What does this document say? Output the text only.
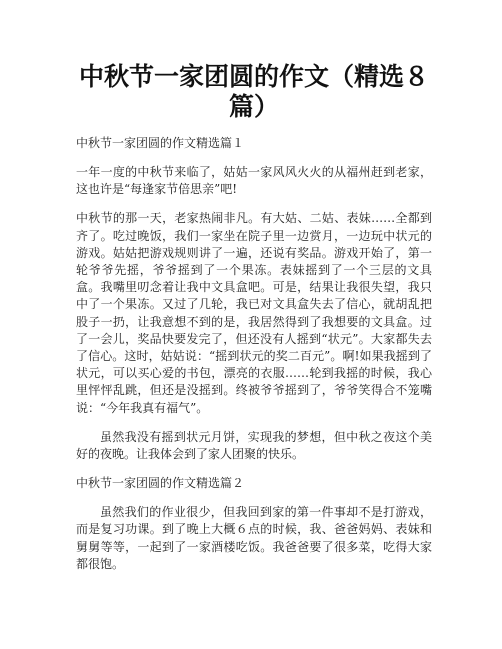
中秋节一家团圆的作文（精选８篇）
中秋节一家团圆的作文精选篇１

一年一度的中秋节来临了，姑姑一家风风火火的从福州赶到老家，这也许是“每逢家节倍思亲”吧!

中秋节的那一天，老家热闹非凡。有大姑、二姑、表妹……全都到齐了。吃过晚饭，我们一家坐在院子里一边赏月，一边玩中状元的游戏。姑姑把游戏规则讲了一遍，还说有奖品。游戏开始了，第一轮爷爷先摇，爷爷摇到了一个果冻。表妹摇到了一个三层的文具盒。我嘴里叨念着让我中文具盒吧。可是，结果让我很失望，我只中了一个果冻。又过了几轮，我已对文具盒失去了信心，就胡乱把股子一扔，让我意想不到的是，我居然得到了我想要的文具盒。过了一会儿，奖品快要发完了，但还没有人摇到“状元”。大家都失去了信心。这时，姑姑说：“摇到状元的奖二百元”。啊!如果我摇到了状元，可以买心爱的书包，漂亮的衣服……轮到我摇的时候，我心里怦怦乱跳，但还是没摇到。终被爷爷摇到了，爷爷笑得合不笼嘴说：“今年我真有福气”。

虽然我没有摇到状元月饼，实现我的梦想，但中秋之夜这个美好的夜晚。让我体会到了家人团聚的快乐。

中秋节一家团圆的作文精选篇２

虽然我们的作业很少，但我回到家的第一件事却不是打游戏，而是复习功课。到了晚上大概６点的时候，我、爸爸妈妈、表妹和舅舅等等，一起到了一家酒楼吃饭。我爸爸要了很多菜，吃得大家都很饱。
